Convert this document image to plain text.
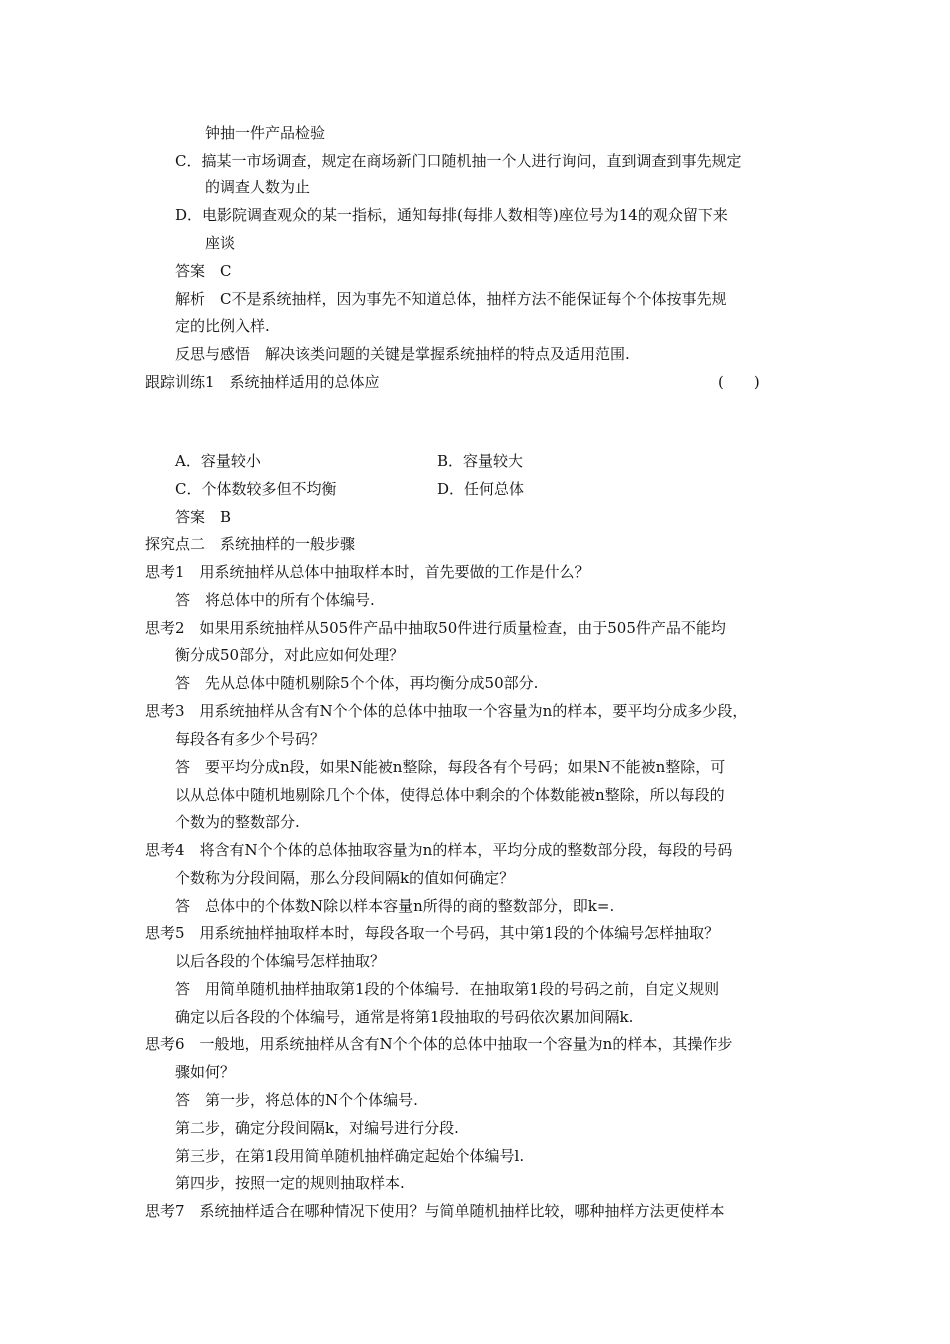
钟抽一件产品检验
C．搞某一市场调查，规定在商场新门口随机抽一个人进行询问，直到调查到事先规定
的调查人数为止
D．电影院调查观众的某一指标，通知每排(每排人数相等)座位号为14的观众留下来
座谈
答案　C
解析　C不是系统抽样，因为事先不知道总体，抽样方法不能保证每个个体按事先规
定的比例入样.
反思与感悟　解决该类问题的关键是掌握系统抽样的特点及适用范围.
跟踪训练1　系统抽样适用的总体应	(　　)
A．容量较小	B．容量较大
C．个体数较多但不均衡	D．任何总体
答案　B
探究点二　系统抽样的一般步骤
思考1　用系统抽样从总体中抽取样本时，首先要做的工作是什么？
答　将总体中的所有个体编号.
思考2　如果用系统抽样从505件产品中抽取50件进行质量检查，由于505件产品不能均
衡分成50部分，对此应如何处理？
答　先从总体中随机剔除5个个体，再均衡分成50部分.
思考3　用系统抽样从含有N个个体的总体中抽取一个容量为n的样本，要平均分成多少段，
每段各有多少个号码？
答　要平均分成n段，如果N能被n整除，每段各有个号码；如果N不能被n整除，可
以从总体中随机地剔除几个个体，使得总体中剩余的个体数能被n整除，所以每段的
个数为的整数部分.
思考4　将含有N个个体的总体抽取容量为n的样本，平均分成的整数部分段，每段的号码
个数称为分段间隔，那么分段间隔k的值如何确定？
答　总体中的个体数N除以样本容量n所得的商的整数部分，即k=.
思考5　用系统抽样抽取样本时，每段各取一个号码，其中第1段的个体编号怎样抽取？
以后各段的个体编号怎样抽取？
答　用简单随机抽样抽取第1段的个体编号．在抽取第1段的号码之前，自定义规则
确定以后各段的个体编号，通常是将第1段抽取的号码依次累加间隔k.
思考6　一般地，用系统抽样从含有N个个体的总体中抽取一个容量为n的样本，其操作步
骤如何？
答　第一步，将总体的N个个体编号.
第二步，确定分段间隔k，对编号进行分段.
第三步，在第1段用简单随机抽样确定起始个体编号l.
第四步，按照一定的规则抽取样本.
思考7　系统抽样适合在哪种情况下使用？与简单随机抽样比较，哪种抽样方法更使样本
